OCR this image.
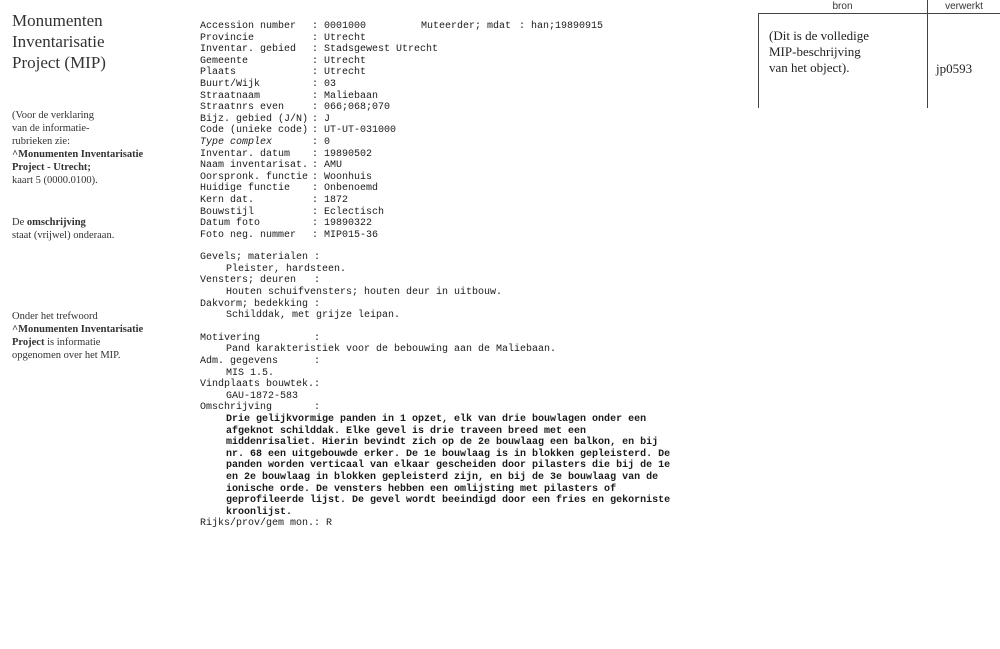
Monumenten
Inventarisatie
Project (MIP)
(Voor de verklaring
van de informatie-
rubrieken zie:
^Monumenten Inventarisatie
Project - Utrecht;
kaart 5 (0000.0100).
De omschrijving
staat (vrijwel) onderaan.
Onder het trefwoord
^Monumenten Inventarisatie
Project is informatie
opgenomen over het MIP.
Accession number	: 0001000	Muteerder; mdat : han;19890915
Provincie	: Utrecht
Inventar. gebied	: Stadsgewest Utrecht
Gemeente	: Utrecht
Plaats	: Utrecht
Buurt/Wijk	: 03
Straatnaam	: Maliebaan
Straatnrs even	: 066;068;070
Bijz. gebied (J/N) : J
Code (unieke code) : UT-UT-031000
Type complex	: 0
Inventar. datum	: 19890502
Naam inventarisat. : AMU
Oorspronk. functie : Woonhuis
Huidige functie	: Onbenoemd
Kern dat.	: 1872
Bouwstijl	: Eclectisch
Datum foto	: 19890322
Foto neg. nummer	: MIP015-36
Gevels; materialen :
Pleister, hardsteen.
Vensters; deuren   :
Houten schuifvensters; houten deur in uitbouw.
Dakvorm; bedekking :
Schilddak, met grijze leipan.
Motivering         :
Pand karakteristiek voor de bebouwing aan de Maliebaan.
Adm. gegevens      :
MIS 1.5.
Vindplaats bouwtek.:
GAU-1872-583
Omschrijving       :
Drie gelijkvormige panden in 1 opzet, elk van drie bouwlagen onder een
afgeknot schilddak. Elke gevel is drie traveen breed met een
middenrisaliet. Hierin bevindt zich op de 2e bouwlaag een balkon, en bij
nr. 68 een uitgebouwde erker. De 1e bouwlaag is in blokken gepleisterd. De
panden worden verticaal van elkaar gescheiden door pilasters die bij de 1e
en 2e bouwlaag in blokken gepleisterd zijn, en bij de 3e bouwlaag van de
ionische orde. De vensters hebben een omlijsting met pilasters of
geprofileerde lijst. De gevel wordt beeindigd door een fries en gekorniste
kroonlijst.
Rijks/prov/gem mon.: R
bron	verwerkt
(Dit is de volledige
MIP-beschrijving
van het object).	jp0593
